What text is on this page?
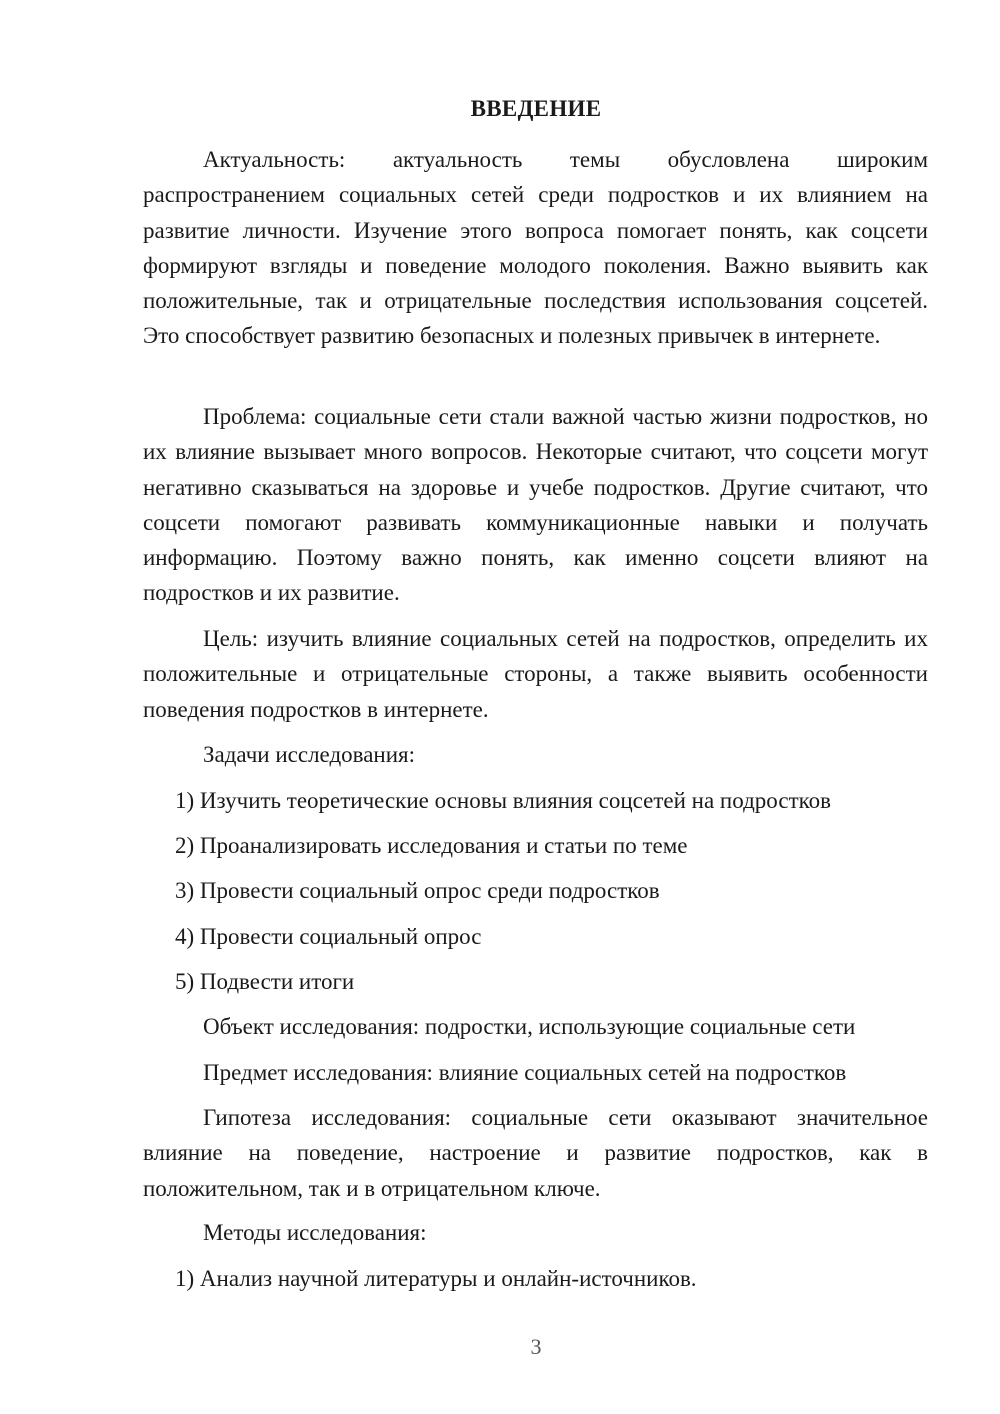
ВВЕДЕНИЕ

Актуальность: актуальность темы обусловлена широким распространением социальных сетей среди подростков и их влиянием на развитие личности. Изучение этого вопроса помогает понять, как соцсети формируют взгляды и поведение молодого поколения. Важно выявить как положительные, так и отрицательные последствия использования соцсетей. Это способствует развитию безопасных и полезных привычек в интернете.

Проблема: социальные сети стали важной частью жизни подростков, но их влияние вызывает много вопросов. Некоторые считают, что соцсети могут негативно сказываться на здоровье и учебе подростков. Другие считают, что соцсети помогают развивать коммуникационные навыки и получать информацию. Поэтому важно понять, как именно соцсети влияют на подростков и их развитие.

Цель: изучить влияние социальных сетей на подростков, определить их положительные и отрицательные стороны, а также выявить особенности поведения подростков в интернете.

Задачи исследования:

1) Изучить теоретические основы влияния соцсетей на подростков

2) Проанализировать исследования и статьи по теме

3) Провести социальный опрос среди подростков

4) Провести социальный опрос

5) Подвести итоги

Объект исследования: подростки, использующие социальные сети

Предмет исследования: влияние социальных сетей на подростков

Гипотеза исследования: социальные сети оказывают значительное влияние на поведение, настроение и развитие подростков, как в положительном, так и в отрицательном ключе.

Методы исследования:

1) Анализ научной литературы и онлайн-источников.

3
